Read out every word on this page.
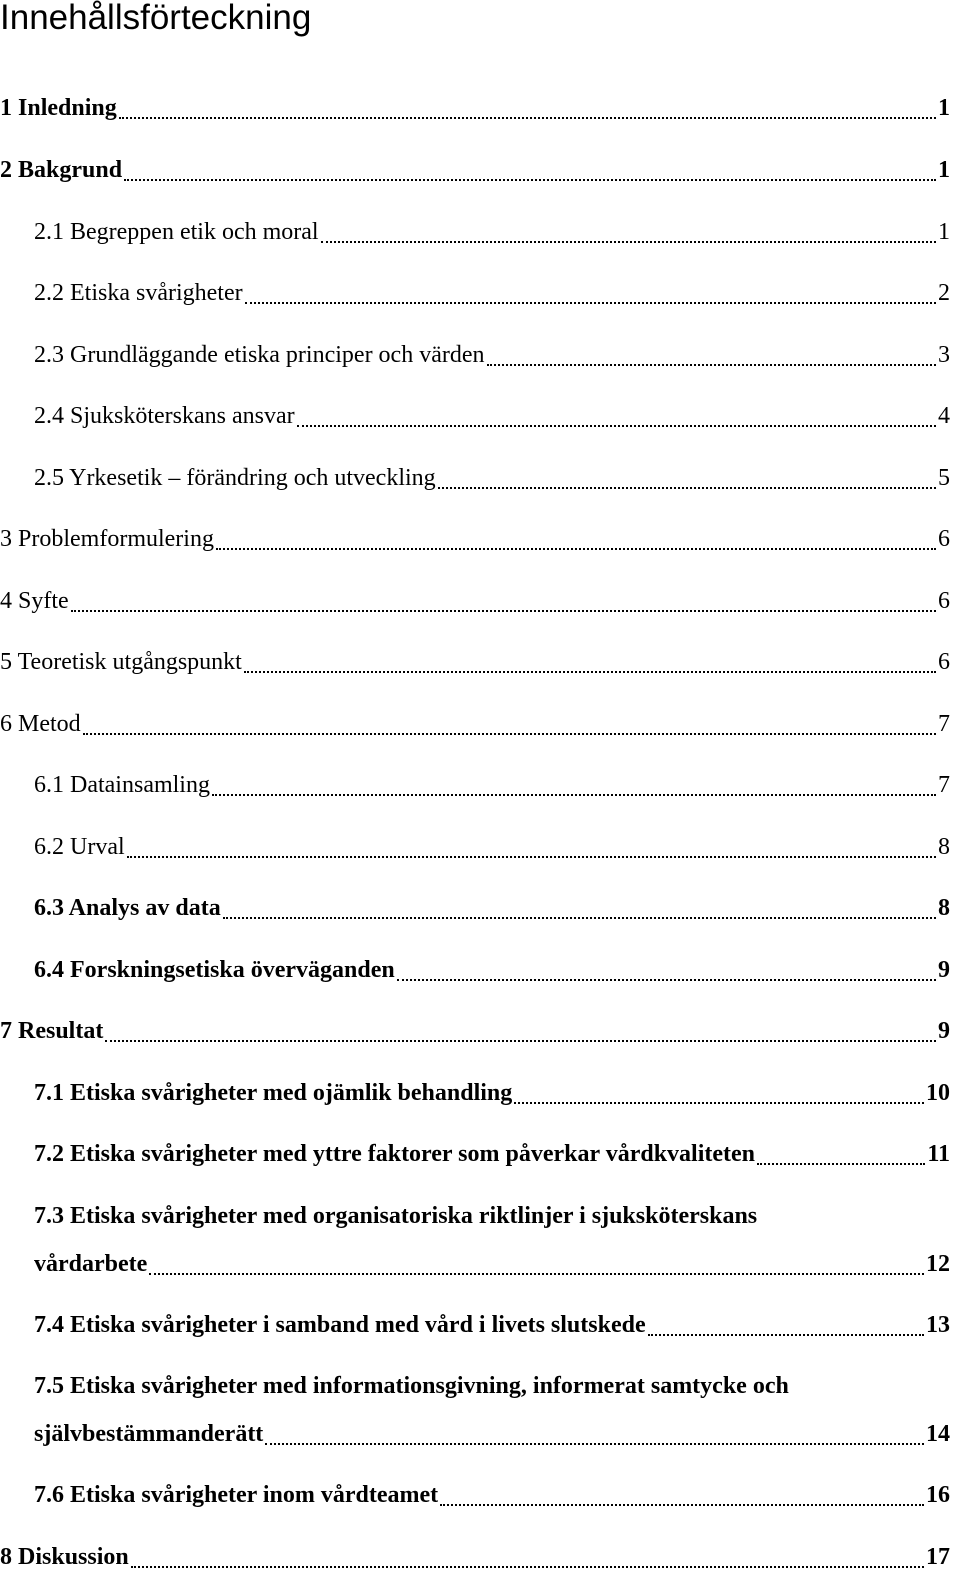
Innehållsförteckning
1 Inledning	1
2 Bakgrund	1
2.1 Begreppen etik och moral	1
2.2 Etiska svårigheter	2
2.3 Grundläggande etiska principer och värden	3
2.4 Sjuksköterskans ansvar	4
2.5 Yrkesetik – förändring och utveckling	5
3 Problemformulering	6
4 Syfte	6
5 Teoretisk utgångspunkt	6
6 Metod	7
6.1 Datainsamling	7
6.2 Urval	8
6.3 Analys av data	8
6.4 Forskningsetiska överväganden	9
7 Resultat	9
7.1 Etiska svårigheter med ojämlik behandling	10
7.2 Etiska svårigheter med yttre faktorer som påverkar vårdkvaliteten	11
7.3 Etiska svårigheter med organisatoriska riktlinjer i sjuksköterskans
vårdarbete	12
7.4 Etiska svårigheter i samband med vård i livets slutskede	13
7.5 Etiska svårigheter med informationsgivning, informerat samtycke och
självbestämmanderätt	14
7.6 Etiska svårigheter inom vårdteamet	16
8 Diskussion	17
